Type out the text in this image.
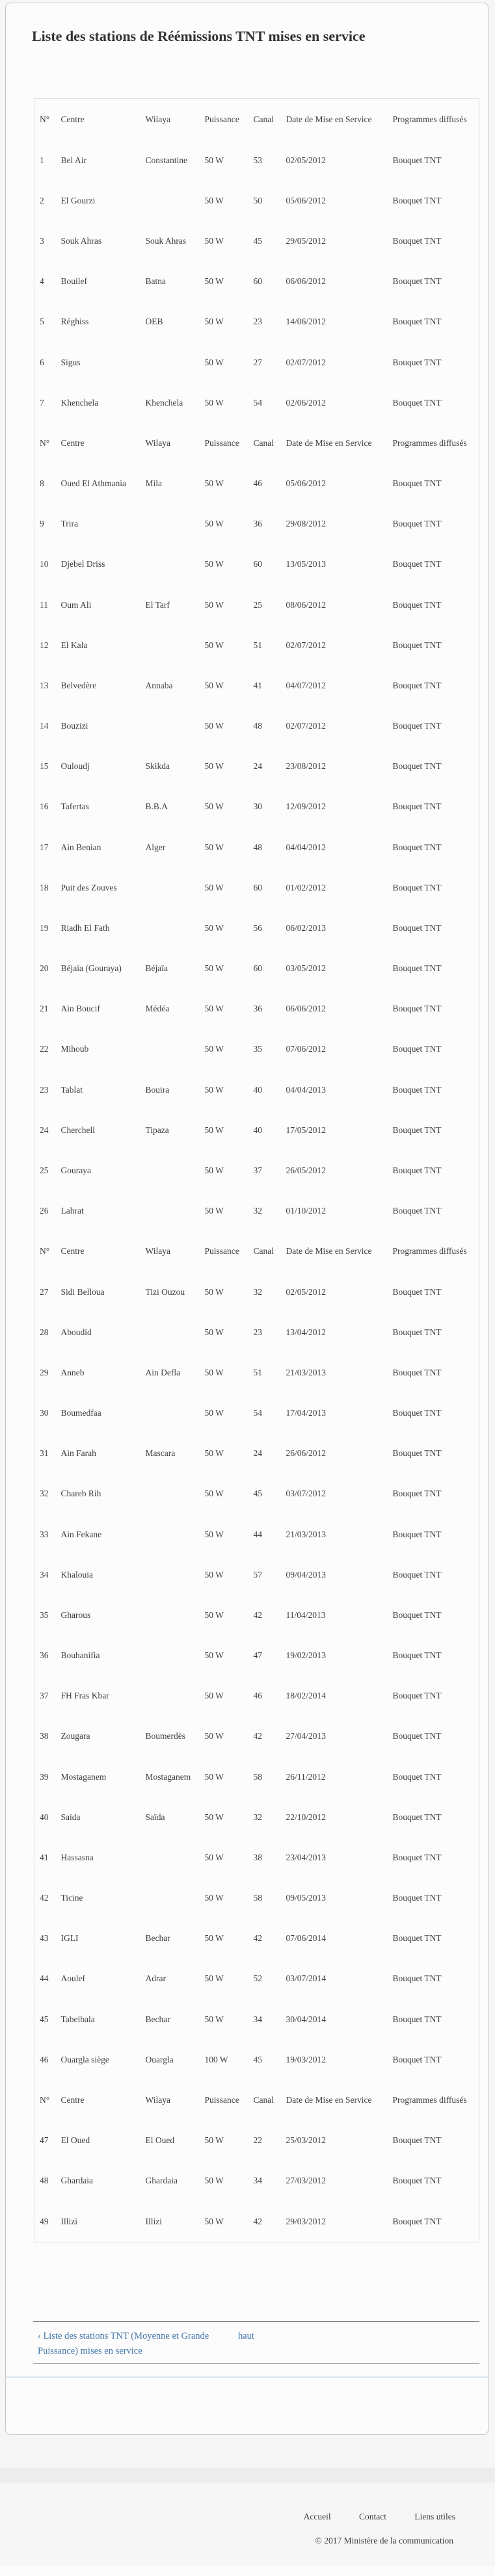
Liste des stations de Réémissions TNT mises en service
N°	Centre	Wilaya	Puissance	Canal	Date de Mise en Service	Programmes diffusés
1	Bel Air	Constantine	50 W	53	02/05/2012	Bouquet TNT
2	El Gourzi		50 W	50	05/06/2012	Bouquet TNT
3	Souk Ahras	Souk Ahras	50 W	45	29/05/2012	Bouquet TNT
4	Bouilef	Batna	50 W	60	06/06/2012	Bouquet TNT
5	Réghiss	OEB	50 W	23	14/06/2012	Bouquet TNT
6	Sigus		50 W	27	02/07/2012	Bouquet TNT
7	Khenchela	Khenchela	50 W	54	02/06/2012	Bouquet TNT
N°	Centre	Wilaya	Puissance	Canal	Date de Mise en Service	Programmes diffusés
8	Oued El Athmania	Mila	50 W	46	05/06/2012	Bouquet TNT
9	Trira		50 W	36	29/08/2012	Bouquet TNT
10	Djebel Driss		50 W	60	13/05/2013	Bouquet TNT
11	Oum Ali	El Tarf	50 W	25	08/06/2012	Bouquet TNT
12	El Kala		50 W	51	02/07/2012	Bouquet TNT
13	Belvedère	Annaba	50 W	41	04/07/2012	Bouquet TNT
14	Bouzizi		50 W	48	02/07/2012	Bouquet TNT
15	Ouloudj	Skikda	50 W	24	23/08/2012	Bouquet TNT
16	Tafertas	B.B.A	50 W	30	12/09/2012	Bouquet TNT
17	Ain Benian	Alger	50 W	48	04/04/2012	Bouquet TNT
18	Puit des Zouves		50 W	60	01/02/2012	Bouquet TNT
19	Riadh El Fath		50 W	56	06/02/2013	Bouquet TNT
20	Béjaïa (Gouraya)	Béjaïa	50 W	60	03/05/2012	Bouquet TNT
21	Ain Boucif	Médéa	50 W	36	06/06/2012	Bouquet TNT
22	Mihoub		50 W	35	07/06/2012	Bouquet TNT
23	Tablat	Bouira	50 W	40	04/04/2013	Bouquet TNT
24	Cherchell	Tipaza	50 W	40	17/05/2012	Bouquet TNT
25	Gouraya		50 W	37	26/05/2012	Bouquet TNT
26	Lahrat		50 W	32	01/10/2012	Bouquet TNT
N°	Centre	Wilaya	Puissance	Canal	Date de Mise en Service	Programmes diffusés
27	Sidi Belloua	Tizi Ouzou	50 W	32	02/05/2012	Bouquet TNT
28	Aboudid		50 W	23	13/04/2012	Bouquet TNT
29	Anneb	Ain Defla	50 W	51	21/03/2013	Bouquet TNT
30	Boumedfaa		50 W	54	17/04/2013	Bouquet TNT
31	Ain Farah	Mascara	50 W	24	26/06/2012	Bouquet TNT
32	Chareb Rih		50 W	45	03/07/2012	Bouquet TNT
33	Ain Fekane		50 W	44	21/03/2013	Bouquet TNT
34	Khalouia		50 W	57	09/04/2013	Bouquet TNT
35	Gharous		50 W	42	11/04/2013	Bouquet TNT
36	Bouhanifia		50 W	47	19/02/2013	Bouquet TNT
37	FH Fras Kbar		50 W	46	18/02/2014	Bouquet TNT
38	Zougara	Boumerdès	50 W	42	27/04/2013	Bouquet TNT
39	Mostaganem	Mostaganem	50 W	58	26/11/2012	Bouquet TNT
40	Saïda	Saïda	50 W	32	22/10/2012	Bouquet TNT
41	Hassasna		50 W	38	23/04/2013	Bouquet TNT
42	Ticine		50 W	58	09/05/2013	Bouquet TNT
43	IGLI	Bechar	50 W	42	07/06/2014	Bouquet TNT
44	Aoulef	Adrar	50 W	52	03/07/2014	Bouquet TNT
45	Tabelbala	Bechar	50 W	34	30/04/2014	Bouquet TNT
46	Ouargla siège	Ouargla	100 W	45	19/03/2012	Bouquet TNT
N°	Centre	Wilaya	Puissance	Canal	Date de Mise en Service	Programmes diffusés
47	El Oued	El Oued	50 W	22	25/03/2012	Bouquet TNT
48	Ghardaia	Ghardaia	50 W	34	27/03/2012	Bouquet TNT
49	Illizi	Illizi	50 W	42	29/03/2012	Bouquet TNT
‹ Liste des stations TNT (Moyenne et Grande Puissance) mises en service
haut
Accueil	Contact	Liens utiles
© 2017 Ministère de la communication
